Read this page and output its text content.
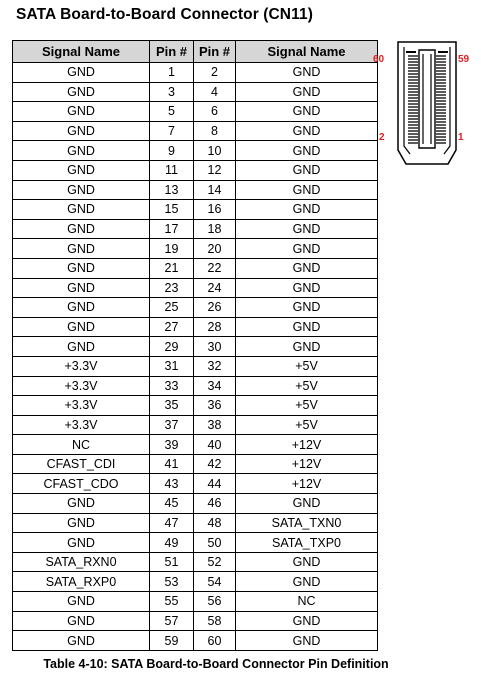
SATA Board-to-Board Connector (CN11)
Signal Name	Pin #	Pin #	Signal Name
GND	1	2	GND
GND	3	4	GND
GND	5	6	GND
GND	7	8	GND
GND	9	10	GND
GND	11	12	GND
GND	13	14	GND
GND	15	16	GND
GND	17	18	GND
GND	19	20	GND
GND	21	22	GND
GND	23	24	GND
GND	25	26	GND
GND	27	28	GND
GND	29	30	GND
+3.3V	31	32	+5V
+3.3V	33	34	+5V
+3.3V	35	36	+5V
+3.3V	37	38	+5V
NC	39	40	+12V
CFAST_CDI	41	42	+12V
CFAST_CDO	43	44	+12V
GND	45	46	GND
GND	47	48	SATA_TXN0
GND	49	50	SATA_TXP0
SATA_RXN0	51	52	GND
SATA_RXP0	53	54	GND
GND	55	56	NC
GND	57	58	GND
GND	59	60	GND
60	59
2	1
Table 4-10: SATA Board-to-Board Connector Pin Definition
